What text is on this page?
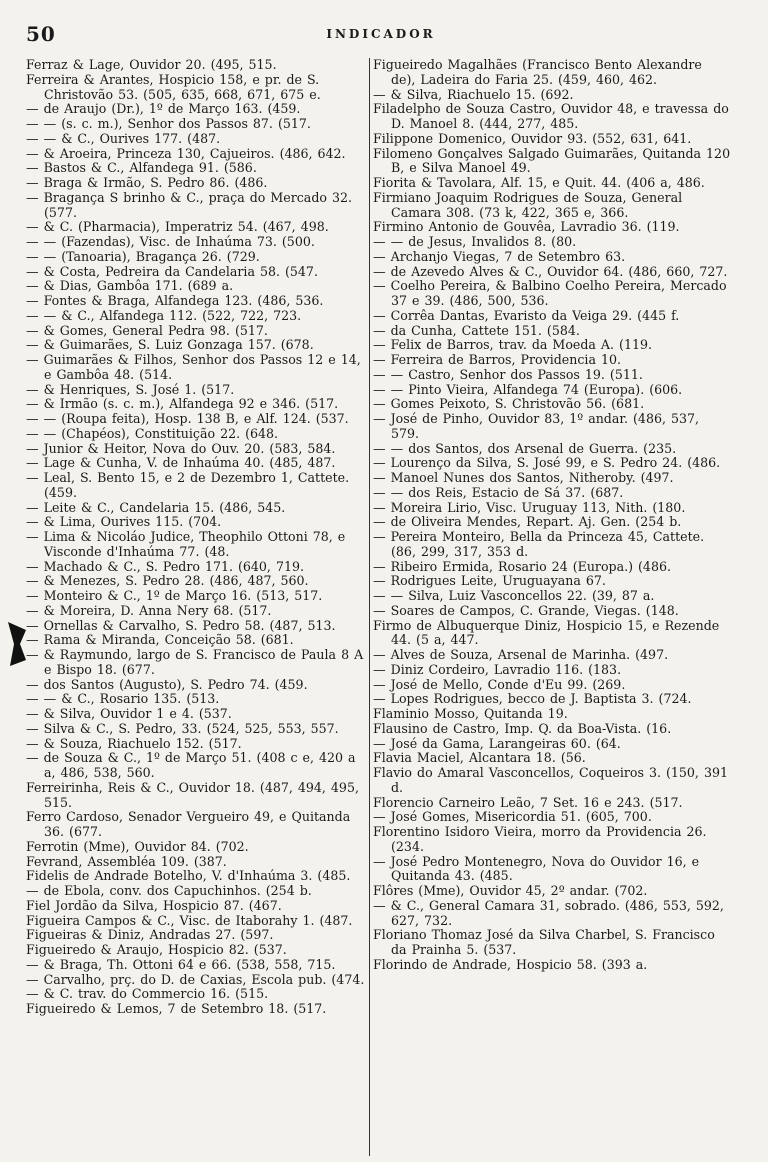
50	INDICADOR

Ferraz & Lage, Ouvidor 20. (495, 515.

Ferreira & Arantes, Hospicio 158, e pr. de S. Christovão 53. (505, 635, 668, 671, 675 e.

— de Araujo (Dr.), 1º de Março 163. (459.

— — (s. c. m.), Senhor dos Passos 87. (517.

— — & C., Ourives 177. (487.

— & Aroeira, Princeza 130, Cajueiros. (486, 642.

— Bastos & C., Alfandega 91. (586.

— Braga & Irmão, S. Pedro 86. (486.

— Bragança S brinho & C., praça do Mercado 32. (577.

— & C. (Pharmacia), Imperatriz 54. (467, 498.

— — (Fazendas), Visc. de Inhaúma 73. (500.

— — (Tanoaria), Bragança 26. (729.

— & Costa, Pedreira da Candelaria 58. (547.

— & Dias, Gambôa 171. (689 a.

— Fontes & Braga, Alfandega 123. (486, 536.

— — & C., Alfandega 112. (522, 722, 723.

— & Gomes, General Pedra 98. (517.

— & Guimarães, S. Luiz Gonzaga 157. (678.

— Guimarães & Filhos, Senhor dos Passos 12 e 14, e Gambôa 48. (514.

— & Henriques, S. José 1. (517.

— & Irmão (s. c. m.), Alfandega 92 e 346. (517.

— — (Roupa feita), Hosp. 138 B, e Alf. 124. (537.

— — (Chapéos), Constituição 22. (648.

— Junior & Heitor, Nova do Ouv. 20. (583, 584.

— Lage & Cunha, V. de Inhaúma 40. (485, 487.

— Leal, S. Bento 15, e 2 de Dezembro 1, Cattete. (459.

— Leite & C., Candelaria 15. (486, 545.

— & Lima, Ourives 115. (704.

— Lima & Nicoláo Judice, Theophilo Ottoni 78, e Visconde d'Inhaúma 77. (48.

— Machado & C., S. Pedro 171. (640, 719.

— & Menezes, S. Pedro 28. (486, 487, 560.

— Monteiro & C., 1º de Março 16. (513, 517.

— & Moreira, D. Anna Nery 68. (517.

— Ornellas & Carvalho, S. Pedro 58. (487, 513.

— Rama & Miranda, Conceição 58. (681.

— & Raymundo, largo de S. Francisco de Paula 8 A e Bispo 18. (677.

— dos Santos (Augusto), S. Pedro 74. (459.

— — & C., Rosario 135. (513.

— & Silva, Ouvidor 1 e 4. (537.

— Silva & C., S. Pedro, 33. (524, 525, 553, 557.

— & Souza, Riachuelo 152. (517.

— de Souza & C., 1º de Março 51. (408 c e, 420 a a, 486, 538, 560.

Ferreirinha, Reis & C., Ouvidor 18. (487, 494, 495, 515.

Ferro Cardoso, Senador Vergueiro 49, e Quitanda 36. (677.

Ferrotin (Mme), Ouvidor 84. (702.

Fevrand, Assembléa 109. (387.

Fidelis de Andrade Botelho, V. d'Inhaúma 3. (485.

— de Ebola, conv. dos Capuchinhos. (254 b.

Fiel Jordão da Silva, Hospicio 87. (467.

Figueira Campos & C., Visc. de Itaborahy 1. (487.

Figueiras & Diniz, Andradas 27. (597.

Figueiredo & Araujo, Hospicio 82. (537.

— & Braga, Th. Ottoni 64 e 66. (538, 558, 715.

— Carvalho, prç. do D. de Caxias, Escola pub. (474.

— & C. trav. do Commercio 16. (515.

Figueiredo & Lemos, 7 de Setembro 18. (517.

Figueiredo Magalhães (Francisco Bento Alexandre de), Ladeira do Faria 25. (459, 460, 462.

— & Silva, Riachuelo 15. (692.

Filadelpho de Souza Castro, Ouvidor 48, e travessa do D. Manoel 8. (444, 277, 485.

Filippone Domenico, Ouvidor 93. (552, 631, 641.

Filomeno Gonçalves Salgado Guimarães, Quitanda 120 B, e Silva Manoel 49.

Fiorita & Tavolara, Alf. 15, e Quit. 44. (406 a, 486.

Firmiano Joaquim Rodrigues de Souza, General Camara 308. (73 k, 422, 365 e, 366.

Firmino Antonio de Gouvêa, Lavradio 36. (119.

— — de Jesus, Invalidos 8. (80.

— Archanjo Viegas, 7 de Setembro 63.

— de Azevedo Alves & C., Ouvidor 64. (486, 660, 727.

— Coelho Pereira, & Balbino Coelho Pereira, Mercado 37 e 39. (486, 500, 536.

— Corrêa Dantas, Evaristo da Veiga 29. (445 f.

— da Cunha, Cattete 151. (584.

— Felix de Barros, trav. da Moeda A. (119.

— Ferreira de Barros, Providencia 10.

— — Castro, Senhor dos Passos 19. (511.

— — Pinto Vieira, Alfandega 74 (Europa). (606.

— Gomes Peixoto, S. Christovão 56. (681.

— José de Pinho, Ouvidor 83, 1º andar. (486, 537, 579.

— — dos Santos, dos Arsenal de Guerra. (235.

— Lourenço da Silva, S. José 99, e S. Pedro 24. (486.

— Manoel Nunes dos Santos, Nitheroby. (497.

— — dos Reis, Estacio de Sá 37. (687.

— Moreira Lirio, Visc. Uruguay 113, Nith. (180.

— de Oliveira Mendes, Repart. Aj. Gen. (254 b.

— Pereira Monteiro, Bella da Princeza 45, Cattete. (86, 299, 317, 353 d.

— Ribeiro Ermida, Rosario 24 (Europa.) (486.

— Rodrigues Leite, Uruguayana 67.

— — Silva, Luiz Vasconcellos 22. (39, 87 a.

— Soares de Campos, C. Grande, Viegas. (148.

Firmo de Albuquerque Diniz, Hospicio 15, e Rezende 44. (5 a, 447.

— Alves de Souza, Arsenal de Marinha. (497.

— Diniz Cordeiro, Lavradio 116. (183.

— José de Mello, Conde d'Eu 99. (269.

— Lopes Rodrigues, becco de J. Baptista 3. (724.

Flaminio Mosso, Quitanda 19.

Flausino de Castro, Imp. Q. da Boa-Vista. (16.

— José da Gama, Larangeiras 60. (64.

Flavia Maciel, Alcantara 18. (56.

Flavio do Amaral Vasconcellos, Coqueiros 3. (150, 391 d.

Florencio Carneiro Leão, 7 Set. 16 e 243. (517.

— José Gomes, Misericordia 51. (605, 700.

Florentino Isidoro Vieira, morro da Providencia 26. (234.

— José Pedro Montenegro, Nova do Ouvidor 16, e Quitanda 43. (485.

Flôres (Mme), Ouvidor 45, 2º andar. (702.

— & C., General Camara 31, sobrado. (486, 553, 592, 627, 732.

Floriano Thomaz José da Silva Charbel, S. Francisco da Prainha 5. (537.

Florindo de Andrade, Hospicio 58. (393 a.
